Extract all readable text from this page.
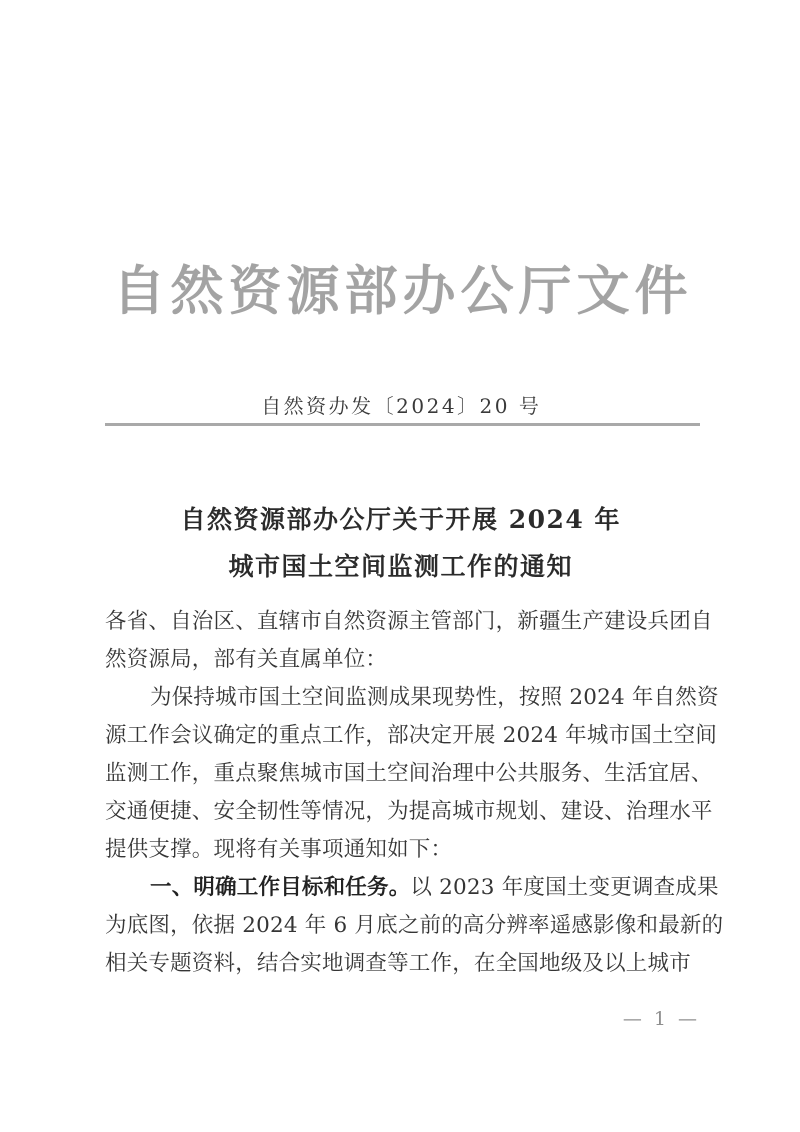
自然资源部办公厅文件
自然资办发〔2024〕20 号
自然资源部办公厅关于开展 2024 年
城市国土空间监测工作的通知
各省、自治区、直辖市自然资源主管部门，新疆生产建设兵团自
然资源局，部有关直属单位：
为保持城市国土空间监测成果现势性，按照 2024 年自然资
源工作会议确定的重点工作，部决定开展 2024 年城市国土空间
监测工作，重点聚焦城市国土空间治理中公共服务、生活宜居、
交通便捷、安全韧性等情况，为提高城市规划、建设、治理水平
提供支撑。现将有关事项通知如下：
一、明确工作目标和任务。以 2023 年度国土变更调查成果
为底图，依据 2024 年 6 月底之前的高分辨率遥感影像和最新的
相关专题资料，结合实地调查等工作，在全国地级及以上城市
— 1 —
